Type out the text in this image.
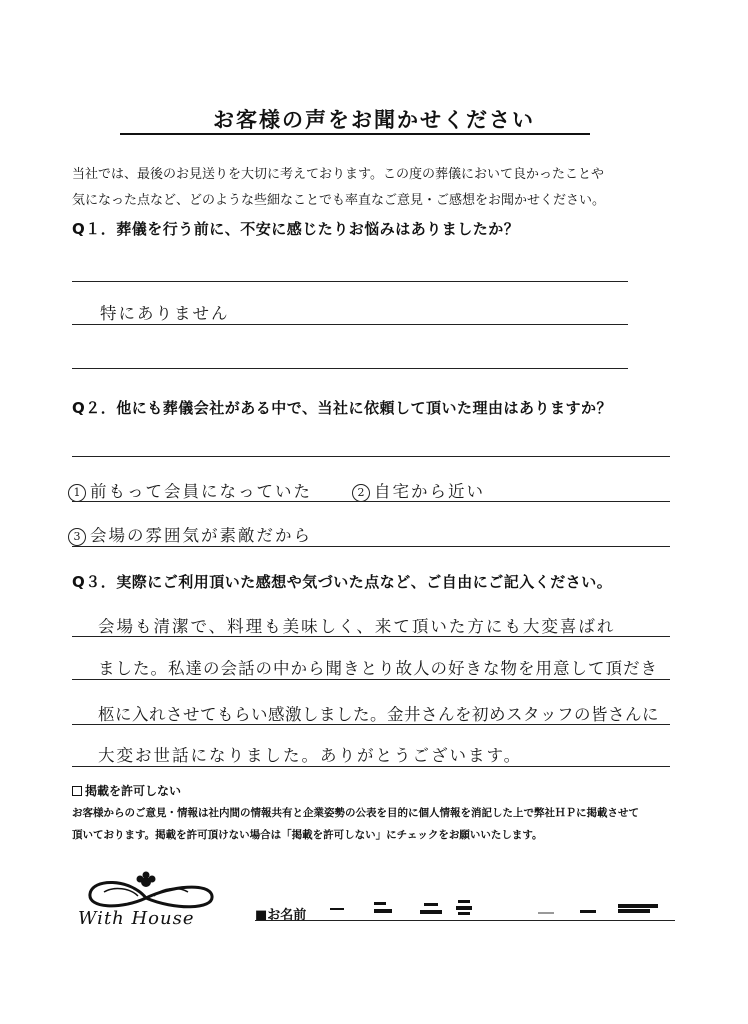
お客様の声をお聞かせください
当社では、最後のお見送りを大切に考えております。この度の葬儀において良かったことや
気になった点など、どのような些細なことでも率直なご意見・ご感想をお聞かせください。
Q１．葬儀を行う前に、不安に感じたりお悩みはありましたか？
特にありません
Q２．他にも葬儀会社がある中で、当社に依頼して頂いた理由はありますか？
1 前もって会員になっていた	2 自宅から近い
3 会場の雰囲気が素敵だから
Q３．実際にご利用頂いた感想や気づいた点など、ご自由にご記入ください。
会場も清潔で、料理も美味しく、来て頂いた方にも大変喜ばれ
ました。私達の会話の中から聞きとり故人の好きな物を用意して頂だき
柩に入れさせてもらい感激しました。金井さんを初めスタッフの皆さんに
大変お世話になりました。ありがとうございます。
掲載を許可しない
お客様からのご意見・情報は社内間の情報共有と企業姿勢の公表を目的に個人情報を消記した上で弊社ＨＰに掲載させて
頂いております。掲載を許可頂けない場合は「掲載を許可しない」にチェックをお願いいたします。
With House	■お名前
